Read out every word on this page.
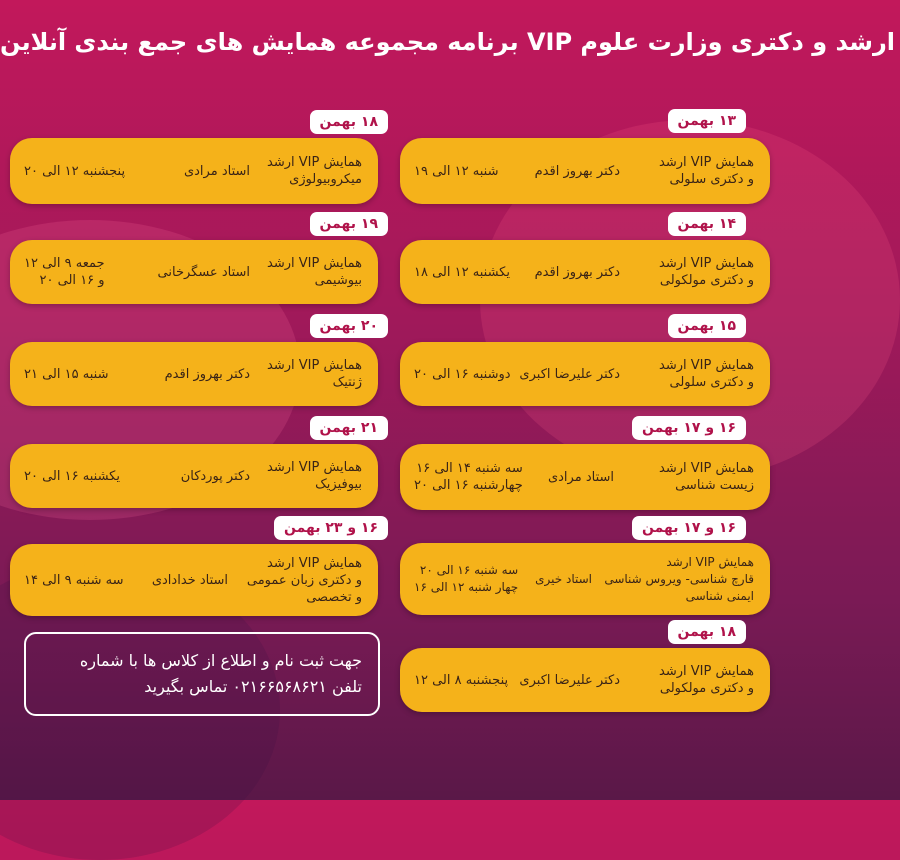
برنامه مجموعه همایش های جمع بندی آنلاین VIP ارشد و دکتری وزارت علوم
۱۳ بهمن
همایش VIP ارشد
و دکتری سلولی
دکتر بهروز اقدم
شنبه ۱۲ الی ۱۹
۱۴ بهمن
همایش VIP ارشد
و دکتری مولکولی
دکتر بهروز اقدم
یکشنبه ۱۲ الی ۱۸
۱۵ بهمن
همایش VIP ارشد
و دکتری سلولی
دکتر علیرضا اکبری
دوشنبه ۱۶ الی ۲۰
۱۶ و ۱۷ بهمن
همایش VIP ارشد
زیست شناسی
استاد مرادی
سه شنبه ۱۴ الی ۱۶
چهارشنبه ۱۶ الی ۲۰
۱۶ و ۱۷ بهمن
همایش VIP ارشد
قارچ شناسی- ویروس شناسی
ایمنی شناسی
استاد خیری
سه شنبه ۱۶ الی ۲۰
چهار شنبه ۱۲ الی ۱۶
۱۸ بهمن
همایش VIP ارشد
و دکتری مولکولی
دکتر علیرضا اکبری
پنجشنبه ۸ الی ۱۲
۱۸ بهمن
همایش VIP ارشد
میکروبیولوژی
استاد مرادی
پنجشنبه ۱۲ الی ۲۰
۱۹ بهمن
همایش VIP ارشد
بیوشیمی
استاد عسگرخانی
جمعه ۹ الی ۱۲
و ۱۶ الی ۲۰
۲۰ بهمن
همایش VIP ارشد
ژنتیک
دکتر بهروز اقدم
شنبه ۱۵ الی ۲۱
۲۱ بهمن
همایش VIP ارشد
بیوفیزیک
دکتر پوردکان
یکشنبه ۱۶ الی ۲۰
۱۶ و ۲۳ بهمن
همایش VIP ارشد
و دکتری زبان عمومی
و تخصصی
استاد خدادادی
سه شنبه ۹ الی ۱۴
جهت ثبت نام و اطلاع از کلاس ها با شماره
تلفن ۰۲۱۶۶۵۶۸۶۲۱ تماس بگیرید
